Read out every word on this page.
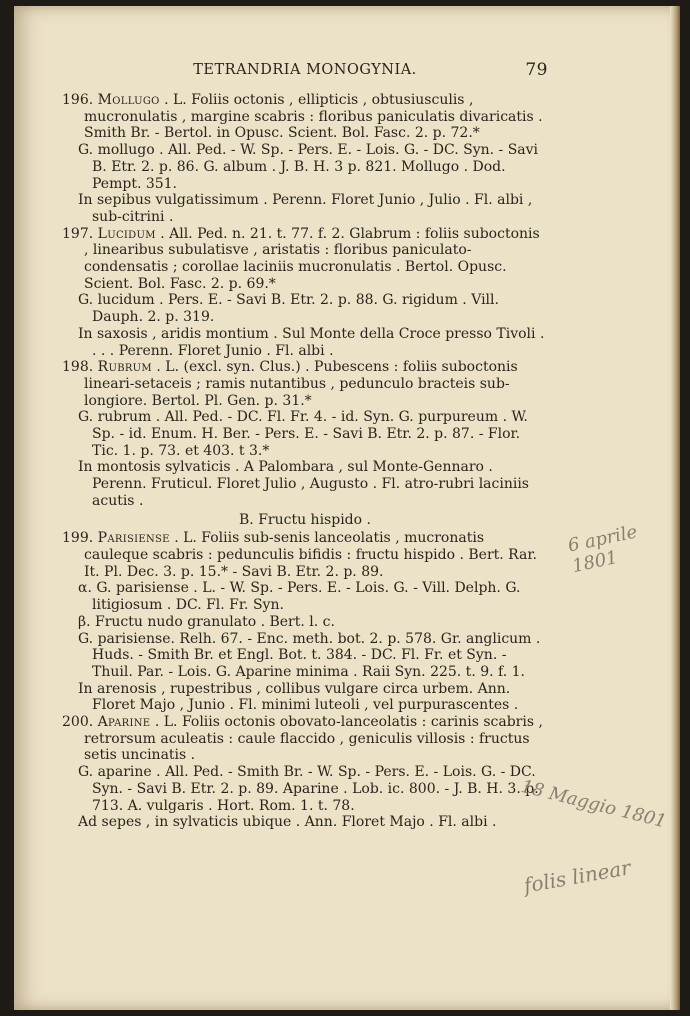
TETRANDRIA MONOGYNIA.	79

196. Mollugo . L. Foliis octonis , ellipticis , obtusiusculis , mucronulatis , margine scabris : floribus paniculatis divaricatis . Smith Br. - Bertol. in Opusc. Scient. Bol. Fasc. 2. p. 72.*

G. mollugo . All. Ped. - W. Sp. - Pers. E. - Lois. G. - DC. Syn. - Savi B. Etr. 2. p. 86. G. album . J. B. H. 3 p. 821. Mollugo . Dod. Pempt. 351.

In sepibus vulgatissimum . Perenn. Floret Junio , Julio . Fl. albi , sub-citrini .

197. Lucidum . All. Ped. n. 21. t. 77. f. 2. Glabrum : foliis suboctonis , linearibus subulatisve , aristatis : floribus paniculato-condensatis ; corollae laciniis mucronulatis . Bertol. Opusc. Scient. Bol. Fasc. 2. p. 69.*

G. lucidum . Pers. E. - Savi B. Etr. 2. p. 88. G. rigidum . Vill. Dauph. 2. p. 319.

In saxosis , aridis montium . Sul Monte della Croce presso Tivoli . . . . Perenn. Floret Junio . Fl. albi .

198. Rubrum . L. (excl. syn. Clus.) . Pubescens : foliis suboctonis lineari-setaceis ; ramis nutantibus , pedunculo bracteis sub-longiore. Bertol. Pl. Gen. p. 31.*

G. rubrum . All. Ped. - DC. Fl. Fr. 4. - id. Syn. G. purpureum . W. Sp. - id. Enum. H. Ber. - Pers. E. - Savi B. Etr. 2. p. 87. - Flor. Tic. 1. p. 73. et 403. t 3.*

In montosis sylvaticis . A Palombara , sul Monte-Gennaro . Perenn. Fruticul. Floret Julio , Augusto . Fl. atro-rubri laciniis acutis .

B. Fructu hispido .

199. Parisiense . L. Foliis sub-senis lanceolatis , mucronatis cauleque scabris : pedunculis bifidis : fructu hispido . Bert. Rar. It. Pl. Dec. 3. p. 15.* - Savi B. Etr. 2. p. 89.

α. G. parisiense . L. - W. Sp. - Pers. E. - Lois. G. - Vill. Delph. G. litigiosum . DC. Fl. Fr. Syn.

β. Fructu nudo granulato . Bert. l. c.

G. parisiense. Relh. 67. - Enc. meth. bot. 2. p. 578. Gr. anglicum . Huds. - Smith Br. et Engl. Bot. t. 384. - DC. Fl. Fr. et Syn. - Thuil. Par. - Lois. G. Aparine minima . Raii Syn. 225. t. 9. f. 1.

In arenosis , rupestribus , collibus vulgare circa urbem. Ann. Floret Majo , Junio . Fl. minimi luteoli , vel purpurascentes .

200. Aparine . L. Foliis octonis obovato-lanceolatis : carinis scabris , retrorsum aculeatis : caule flaccido , geniculis villosis : fructus setis uncinatis .

G. aparine . All. Ped. - Smith Br. - W. Sp. - Pers. E. - Lois. G. - DC. Syn. - Savi B. Etr. 2. p. 89. Aparine . Lob. ic. 800. - J. B. H. 3. p. 713. A. vulgaris . Hort. Rom. 1. t. 78.

Ad sepes , in sylvaticis ubique . Ann. Floret Majo . Fl. albi .

6 aprile 1801
18 Maggio 1801
folis linear
